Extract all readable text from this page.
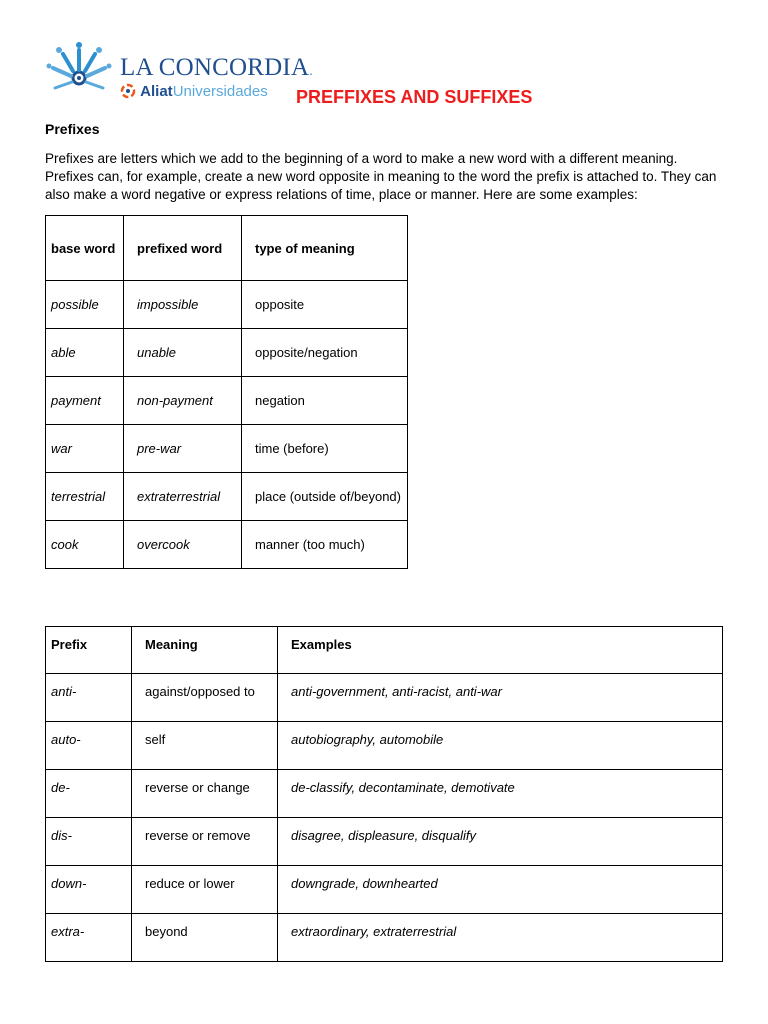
LA CONCORDIA.
AliatUniversidades PREFFIXES AND SUFFIXES
Prefixes

Prefixes are letters which we add to the beginning of a word to make a new word with a different meaning. Prefixes can, for example, create a new word opposite in meaning to the word the prefix is attached to. They can also make a word negative or express relations of time, place or manner. Here are some examples:

base word	prefixed word	type of meaning
possible	impossible	opposite
able	unable	opposite/negation
payment	non-payment	negation
war	pre-war	time (before)
terrestrial	extraterrestrial	place (outside of/beyond)
cook	overcook	manner (too much)
Prefix	Meaning	Examples
anti-	against/opposed to	anti-government, anti-racist, anti-war
auto-	self	autobiography, automobile
de-	reverse or change	de-classify, decontaminate, demotivate
dis-	reverse or remove	disagree, displeasure, disqualify
down-	reduce or lower	downgrade, downhearted
extra-	beyond	extraordinary, extraterrestrial
